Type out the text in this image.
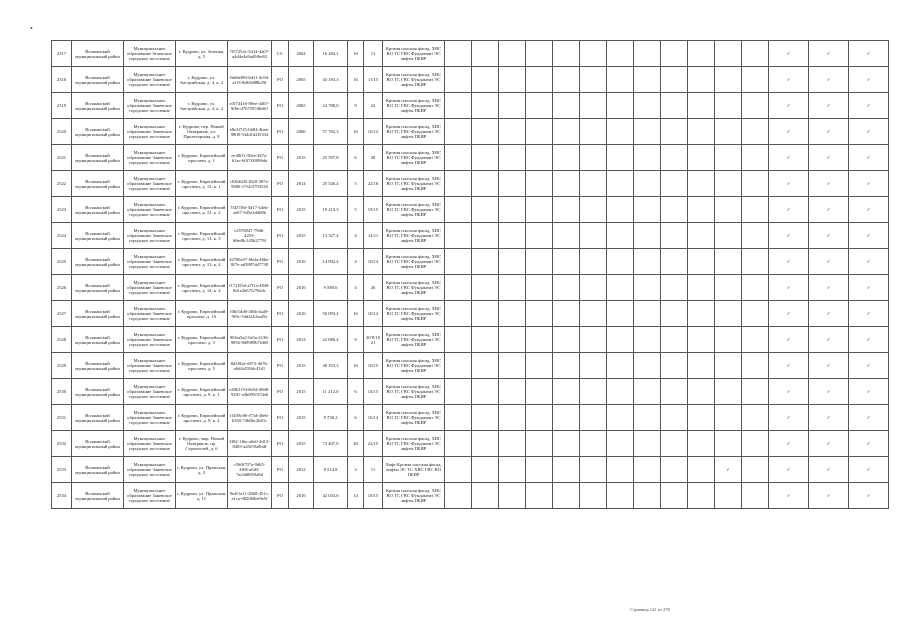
•
2517	Волжанский муниципальный район	Муниципальное образование Зеленское городское поселение	г. Кудрово, ул. Зеленая, д. 5	7f57254c-5414-4a07-a4d4e4a9ad5f6e84	СС	2064	16 284,1	10	13	Кровля плоская фасад, ХВС ВО ТС ГВС Фундамент ЭС лифты ПБИР													✓	✓	✓
2518	Волжанский муниципальный район	Муниципальное образование Заневское городское поселение	г. Кудрово, ул. Австрийская, д. 4, к. 2	5dd6e89f-6d11-4c9d-af13-8d63d88b29f	РО	2065	43 183,3	16	11/15	Кровля плоская фасад, ХВС ВО ТС ГВС Фундамент ЭС лифты ПБИР													✓	✓	✓
2519	Волжанский муниципальный район	Муниципальное образование Заневское городское поселение	г. Кудрово, ул. Австрийская, д. 4, к. 2	e3f74416-80ee-4467-9f8e-d707597d6d61	РО	2065	24 788,0	9	22	Кровля плоская фасад, ХВС ВО ТС ГВС Фундамент ЭС лифты ПБИР													✓	✓	✓
2520	Волжанский муниципальный район	Муниципальное образование Заневское городское поселение	г. Кудрово, пер. Новый Оккервиль, ул. Пролетарская, д. 8	e8e3f725-b684-4bae-9808-544d1d2f5334	РО	2066	57 782,3	16	10/12	Кровля плоская фасад, ХВС ВО ТС ГВС Фундамент ЭС лифты ПБИР													✓	✓	✓
2521	Волжанский муниципальный район	Муниципальное образование Заневское городское поселение	г. Кудрово, Европейский проспект, д. 1	ee48f1f-50ee-467a-b1ac-b0f7f28f96da	РО	2015	25 597,8	6	28	Кровля плоская фасад, ХВС ВО ТС ГВС Фундамент ЭС лифты ПБИР													✓	✓	✓
2522	Волжанский муниципальный район	Муниципальное образование Заневское городское поселение	г. Кудрово, Европейский проспект, д. 13, к. 1	c63b62f6-f620-487e-9886-17f2f3793526	РО	2014	25 546,4	5	22/16	Кровля плоская фасад, ХВС ВО ТС ГВС Фундамент ЭС лифты ПБИР													✓	✓	✓
2523	Волжанский муниципальный район	Муниципальное образование Заневское городское поселение	г. Кудрово, Европейский проспект, д. 13, к. 2	7f457f6f-5d17-44eb-ae67-5d5e3d468b	РО	2015	19 210,3	5	19/15	Кровля плоская фасад, ХВС ВО ТС ГВС Фундамент ЭС лифты ПБИР													✓	✓	✓
2524	Волжанский муниципальный район	Муниципальное образование Заневское городское поселение	г. Кудрово, Европейский проспект, д. 13, к. 3	e2576847-79db-4253-b8ed8c345b2779f	РО	2015	13 327,4	4	14/11	Кровля плоская фасад, ХВС ВО ТС ГВС Фундамент ЭС лифты ПБИР													✓	✓	✓
2525	Волжанский муниципальный район	Муниципальное образование Заневское городское поселение	г. Кудрово, Европейский проспект, д. 13, к. 4	42786e57-6bda-46be-8f7e-ad3887dd7738	РО	2016	14 092,4	4	10/14	Кровля плоская фасад, ХВС ВО ТС ГВС Фундамент ЭС лифты ПБИР													✓	✓	✓
2526	Волжанский муниципальный район	Муниципальное образование Заневское городское поселение	г. Кудрово, Европейский проспект, д. 14, к. 4	f172f55d-a7f1a-4848-9d1e2b67f27bb3c	РО	2016	9 580,6	4	26	Кровля плоская фасад, ХВС ВО ТС ГВС Фундамент ЭС лифты ПБИР													✓	✓	✓
2527	Волжанский муниципальный район	Муниципальное образование Заневское городское поселение	г. Кудрово, Европейский проспект, д. 16	f0bf1dd0-4f6b-4a49-9f9c-54d4f2cba45e	РО	2016	50 093,4	16	10/12	Кровля плоская фасад, ХВС ВО ТС ГВС Фундамент ЭС лифты ПБИР													✓	✓	✓
2528	Волжанский муниципальный район	Муниципальное образование Заневское городское поселение	г. Кудрово, Европейский проспект, д. 3	90fea5a2-0a5a-4136-9856-8d9989b7fd69	РО	2013	22 086,4	9	20/9/10 21	Кровля плоская фасад, ХВС ВО ТС ГВС Фундамент ЭС лифты ПБИР													✓	✓	✓
2529	Волжанский муниципальный район	Муниципальное образование Заневское городское поселение	г. Кудрово, Европейский проспект, д. 5	8d3f92e-e873-467b-a0d4a558dc41d1	РО	2015	40 353,3	16	10/15	Кровля плоская фасад, ХВС ВО ТС ГВС Фундамент ЭС лифты ПБИР													✓	✓	✓
2530	Волжанский муниципальный район	Муниципальное образование Заневское городское поселение	г. Кудрово, Европейский проспект, д. 9, к. 1	e49b1f7d-6b5d-48d6-9281-a3b095f37da6	РО	2015	11 212,0	6	14/15	Кровля плоская фасад, ХВС ВО ТС ГВС Фундамент ЭС лифты ПБИР													✓	✓	✓
2531	Волжанский муниципальный район	Муниципальное образование Заневское городское поселение	г. Кудрово, Европейский проспект, д. 9, к. 2	f1b58c86-f73d-40e6-b350-74b8bc2b01c	РО	2015	9 758,2	6	16/14	Кровля плоская фасад, ХВС ВО ТС ГВС Фундамент ЭС лифты ПБИР													✓	✓	✓
2532	Волжанский муниципальный район	Муниципальное образование Заневское городское поселение	г. Кудрово, мкр. Новый Оккервиль, пр. Строителей, д. 6	2f02-1f6e-a0e0-4d13-8483-ad5f59a8bdf	РО	2015	73 407,0	20	22/15	Кровля плоская фасад, ХВС ВО ТС ГВС Фундамент ЭС лифты ПБИР													✓	✓	✓
2533	Волжанский муниципальный район	Муниципальное образование Заневское городское поселение	г. Кудрово, ул. Пражская, д. 3	c56f6797a-9d65-4f68-a0d3-7ac0d8693a8d	РО	2012	8 514,8	3	11	Лифт Кровля плоская фасад, лифты ЭС ТС ХВС ГВС ВО ПБИР											✓		✓	✓	✓
2534	Волжанский муниципальный район	Муниципальное образование Заневское городское поселение	г. Кудрово, ул. Пражская, д. 11	9e4f1a11-28b8-451c-a1ca-082068ee9e5f	РО	2016	42 043,6	14	16/15	Кровля плоская фасад, ХВС ВО ТС ГВС Фундамент ЭС лифты ПБИР													✓	✓	✓
Страница 141 из 278
